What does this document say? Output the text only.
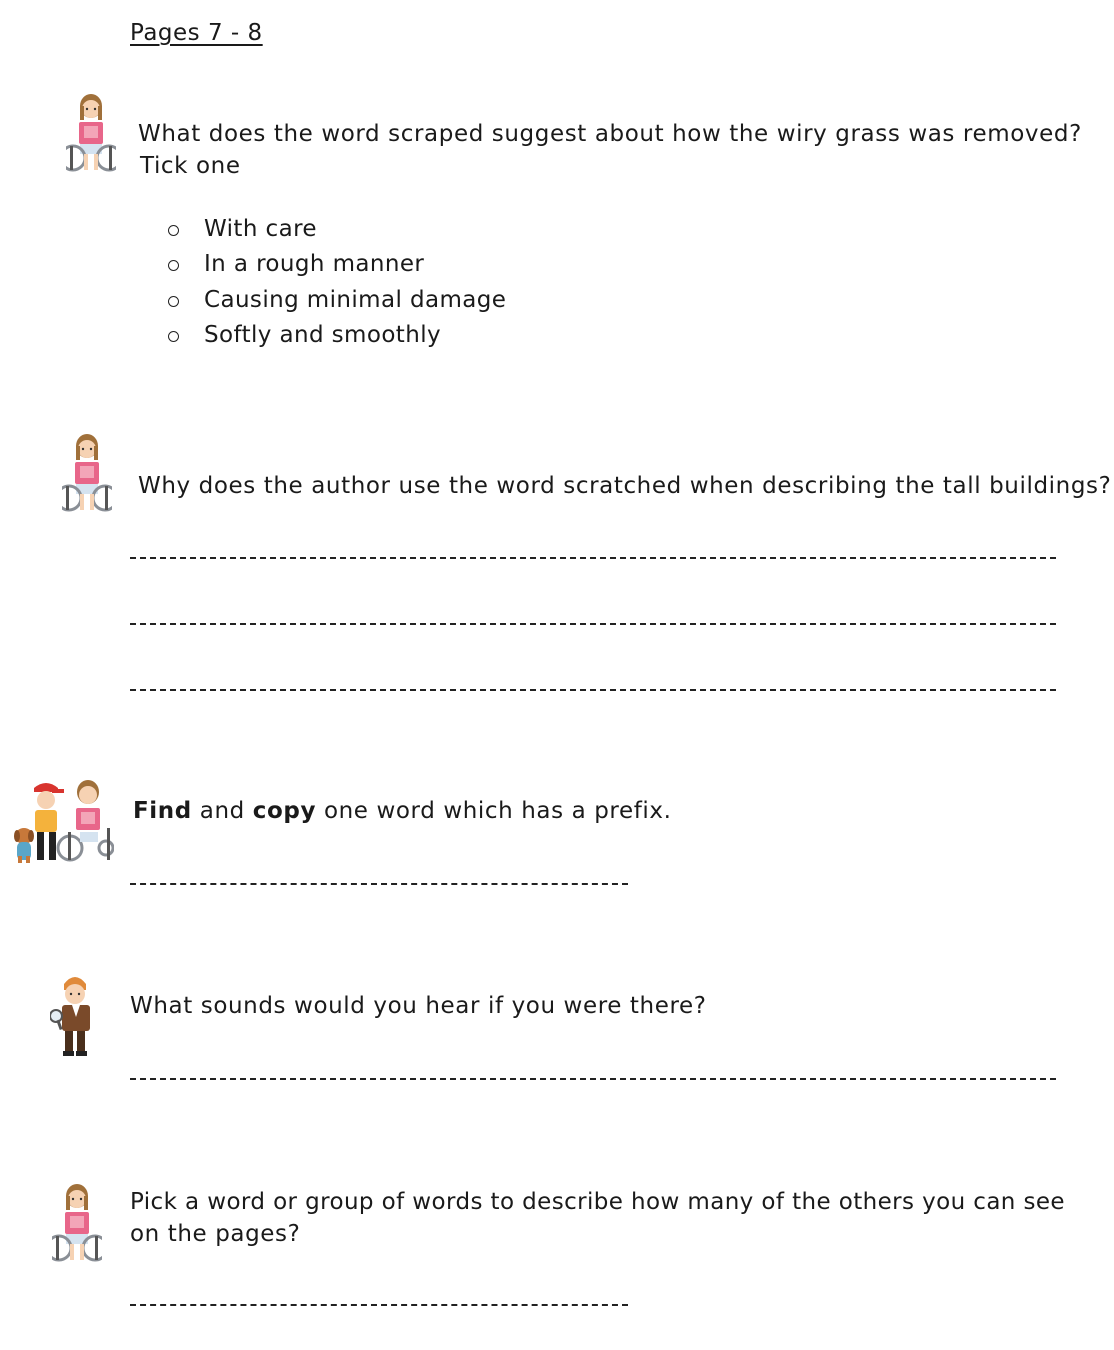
Pages 7 - 8
What does the word scraped suggest about how the wiry grass was removed?
Tick one
With care
In a rough manner
Causing minimal damage
Softly and smoothly
Why does the author use the word scratched when describing the tall buildings?
Find and copy one word which has a prefix.
What sounds would you hear if you were there?
Pick a word or group of words to describe how many of the others you can see
on the pages?
